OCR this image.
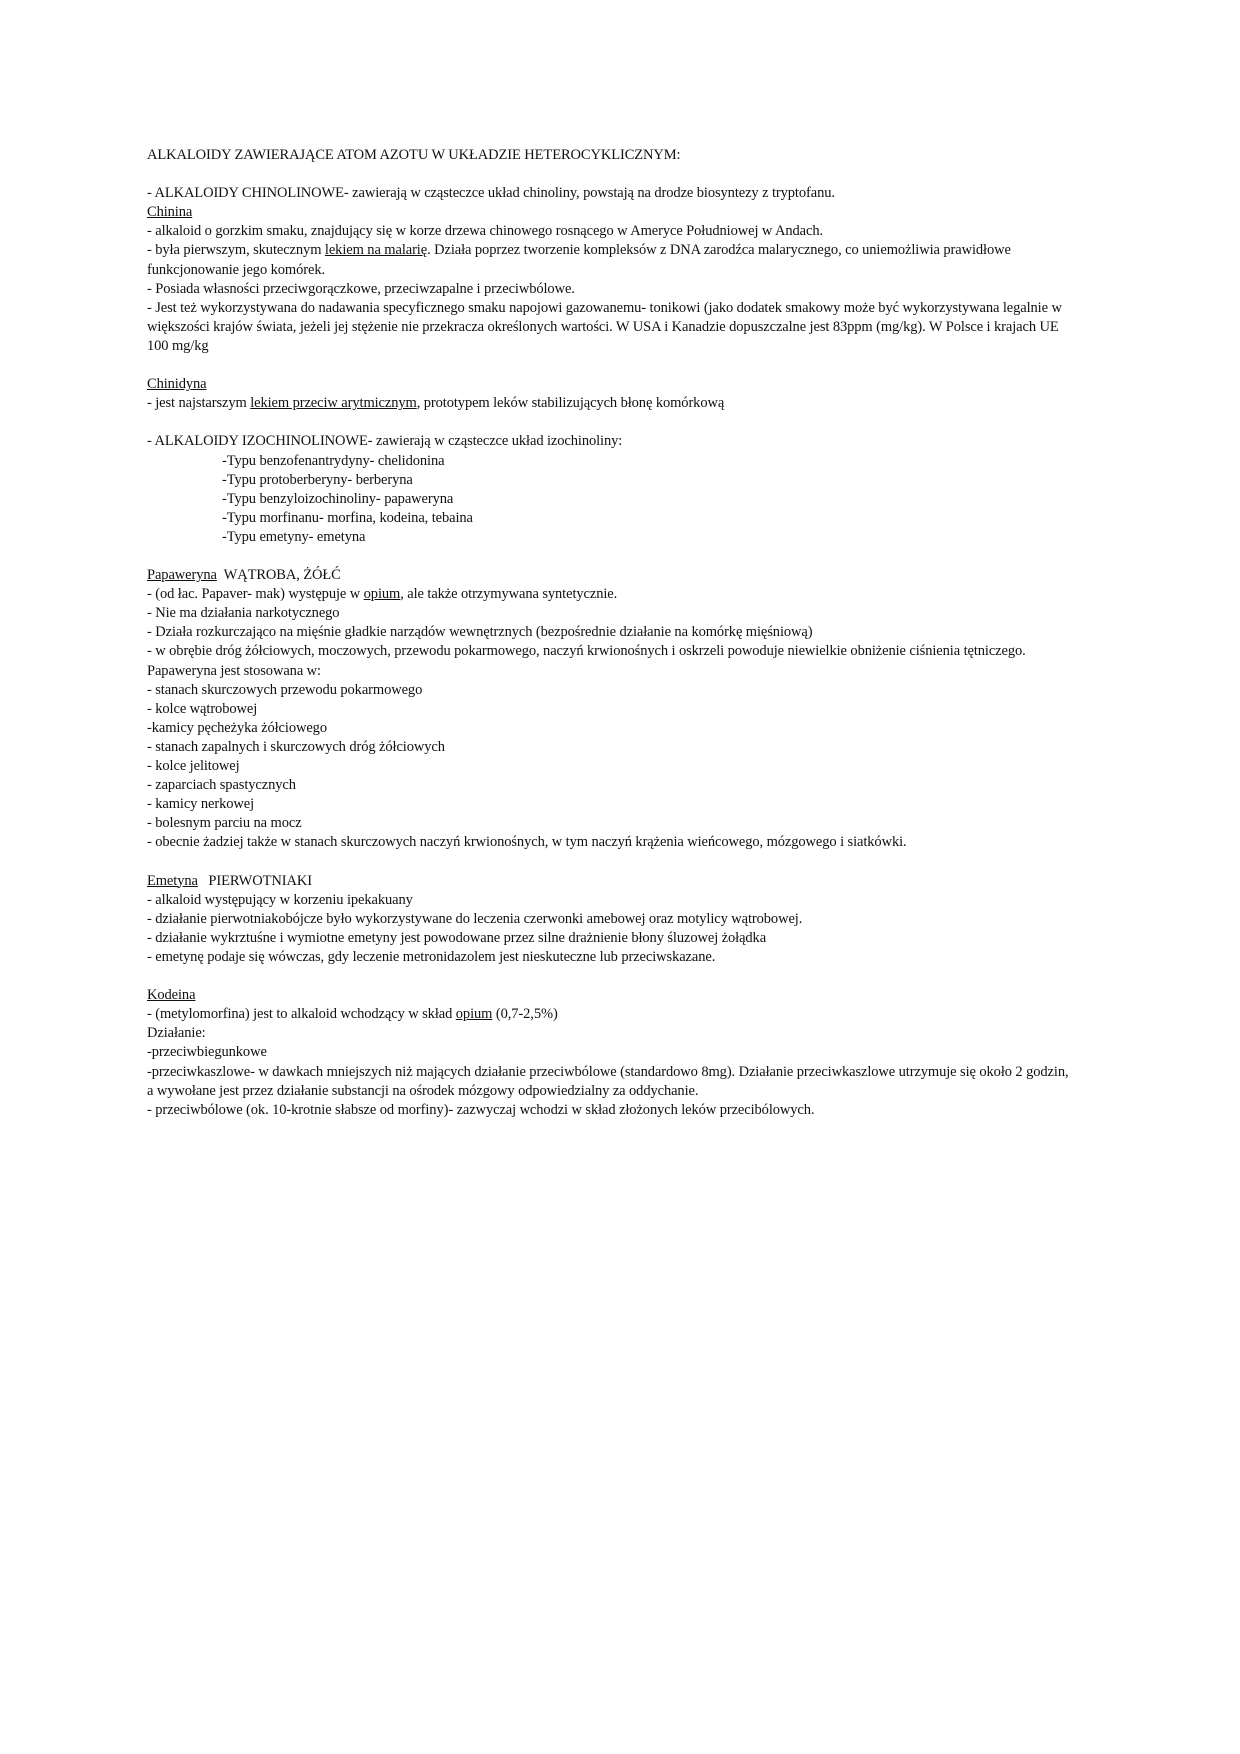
ALKALOIDY ZAWIERAJĄCE ATOM AZOTU W UKŁADZIE HETEROCYKLICZNYM:

- ALKALOIDY CHINOLINOWE- zawierają w cząsteczce układ chinoliny, powstają na drodze biosyntezy z tryptofanu.

Chinina

- alkaloid o gorzkim smaku, znajdujący się w korze drzewa chinowego rosnącego w Ameryce Południowej w Andach.

- była pierwszym, skutecznym lekiem na malarię. Działa poprzez tworzenie kompleksów z DNA zarodźca malarycznego, co uniemożliwia prawidłowe funkcjonowanie jego komórek.

- Posiada własności przeciwgorączkowe, przeciwzapalne i przeciwbólowe.

- Jest też wykorzystywana do nadawania specyficznego smaku napojowi gazowanemu- tonikowi (jako dodatek smakowy może być wykorzystywana legalnie w większości krajów świata, jeżeli jej stężenie nie przekracza określonych wartości. W USA i Kanadzie dopuszczalne jest 83ppm (mg/kg). W Polsce i krajach UE 100 mg/kg

Chinidyna

- jest najstarszym lekiem przeciw arytmicznym, prototypem leków stabilizujących błonę komórkową

- ALKALOIDY IZOCHINOLINOWE- zawierają w cząsteczce układ izochinoliny:

-Typu benzofenantrydyny- chelidonina

-Typu protoberberyny- berberyna

-Typu benzyloizochinoliny- papaweryna

-Typu morfinanu- morfina, kodeina, tebaina

-Typu emetyny- emetyna

Papaweryna  WĄTROBA, ŻÓŁĆ

- (od łac. Papaver- mak) występuje w opium, ale także otrzymywana syntetycznie.

- Nie ma działania narkotycznego

- Działa rozkurczająco na mięśnie gładkie narządów wewnętrznych (bezpośrednie działanie na komórkę mięśniową)

- w obrębie dróg żółciowych, moczowych, przewodu pokarmowego, naczyń krwionośnych i oskrzeli powoduje niewielkie obniżenie ciśnienia tętniczego.

Papaweryna jest stosowana w:

- stanach skurczowych przewodu pokarmowego

- kolce wątrobowej

-kamicy pęcheżyka żółciowego

- stanach zapalnych i skurczowych dróg żółciowych

- kolce jelitowej

- zaparciach spastycznych

- kamicy nerkowej

- bolesnym parciu na mocz

- obecnie żadziej także w stanach skurczowych naczyń krwionośnych, w tym naczyń krążenia wieńcowego, mózgowego i siatkówki.

Emetyna   PIERWOTNIAKI

- alkaloid występujący w korzeniu ipekakuany

- działanie pierwotniakobójcze było wykorzystywane do leczenia czerwonki amebowej oraz motylicy wątrobowej.

- działanie wykrztuśne i wymiotne emetyny jest powodowane przez silne drażnienie błony śluzowej żołądka

- emetynę podaje się wówczas, gdy leczenie metronidazolem jest nieskuteczne lub przeciwskazane.

Kodeina

- (metylomorfina) jest to alkaloid wchodzący w skład opium (0,7-2,5%)

Działanie:

-przeciwbiegunkowe

-przeciwkaszlowe- w dawkach mniejszych niż mających działanie przeciwbólowe (standardowo 8mg). Działanie przeciwkaszlowe utrzymuje się około 2 godzin, a wywołane jest przez działanie substancji na ośrodek mózgowy odpowiedzialny za oddychanie.

- przeciwbólowe (ok. 10-krotnie słabsze od morfiny)- zazwyczaj wchodzi w skład złożonych leków przecibólowych.
